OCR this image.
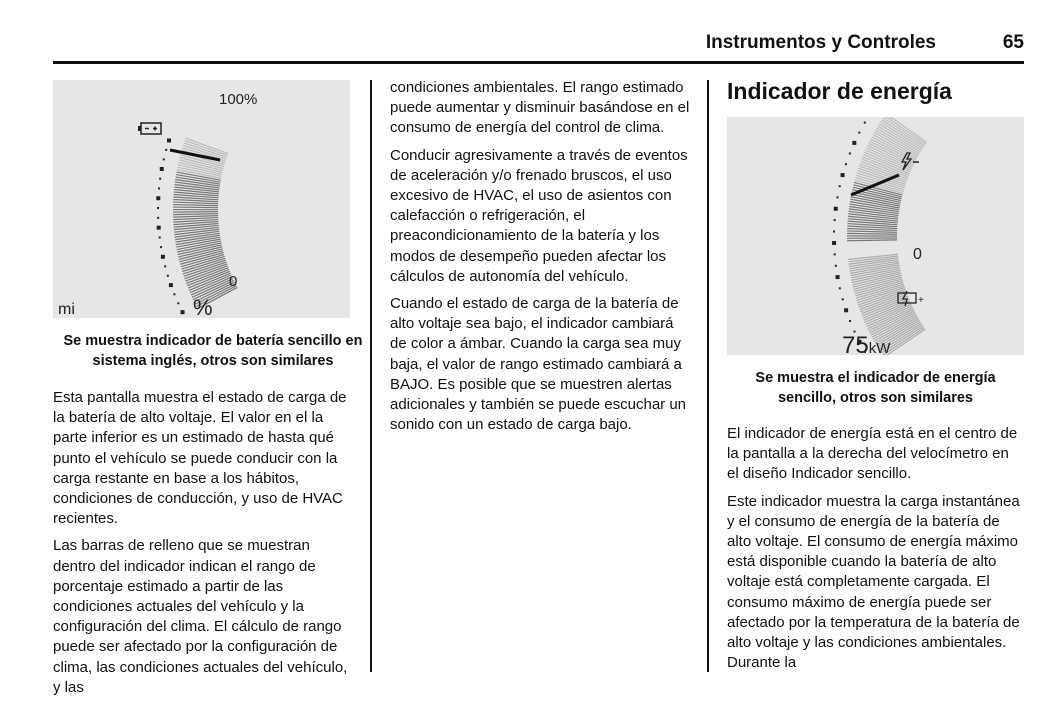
Instrumentos y Controles	65
100%
0
mi	%
Se muestra indicador de batería sencillo en sistema inglés, otros son similares

Esta pantalla muestra el estado de carga de la batería de alto voltaje. El valor en el la parte inferior es un estimado de hasta qué punto el vehículo se puede conducir con la carga restante en base a los hábitos, condiciones de conducción, y uso de HVAC recientes.

Las barras de relleno que se muestran dentro del indicador indican el rango de porcentaje estimado a partir de las condiciones actuales del vehículo y la configuración del clima. El cálculo de rango puede ser afectado por la configuración de clima, las condiciones actuales del vehículo, y las

condiciones ambientales. El rango estimado puede aumentar y disminuir basándose en el consumo de energía del control de clima.

Conducir agresivamente a través de eventos de aceleración y/o frenado bruscos, el uso excesivo de HVAC, el uso de asientos con calefacción o refrigeración, el preacondicionamiento de la batería y los modos de desempeño pueden afectar los cálculos de autonomía del vehículo.

Cuando el estado de carga de la batería de alto voltaje sea bajo, el indicador cambiará de color a ámbar. Cuando la carga sea muy baja, el valor de rango estimado cambiará a BAJO. Es posible que se muestren alertas adicionales y también se puede escuchar un sonido con un estado de carga bajo.

Indicador de energía
+
0
75kW
Se muestra el indicador de energía sencillo, otros son similares

El indicador de energía está en el centro de la pantalla a la derecha del velocímetro en el diseño Indicador sencillo.

Este indicador muestra la carga instantánea y el consumo de energía de la batería de alto voltaje. El consumo de energía máximo está disponible cuando la batería de alto voltaje está completamente cargada. El consumo máximo de energía puede ser afectado por la temperatura de la batería de alto voltaje y las condiciones ambientales. Durante la
